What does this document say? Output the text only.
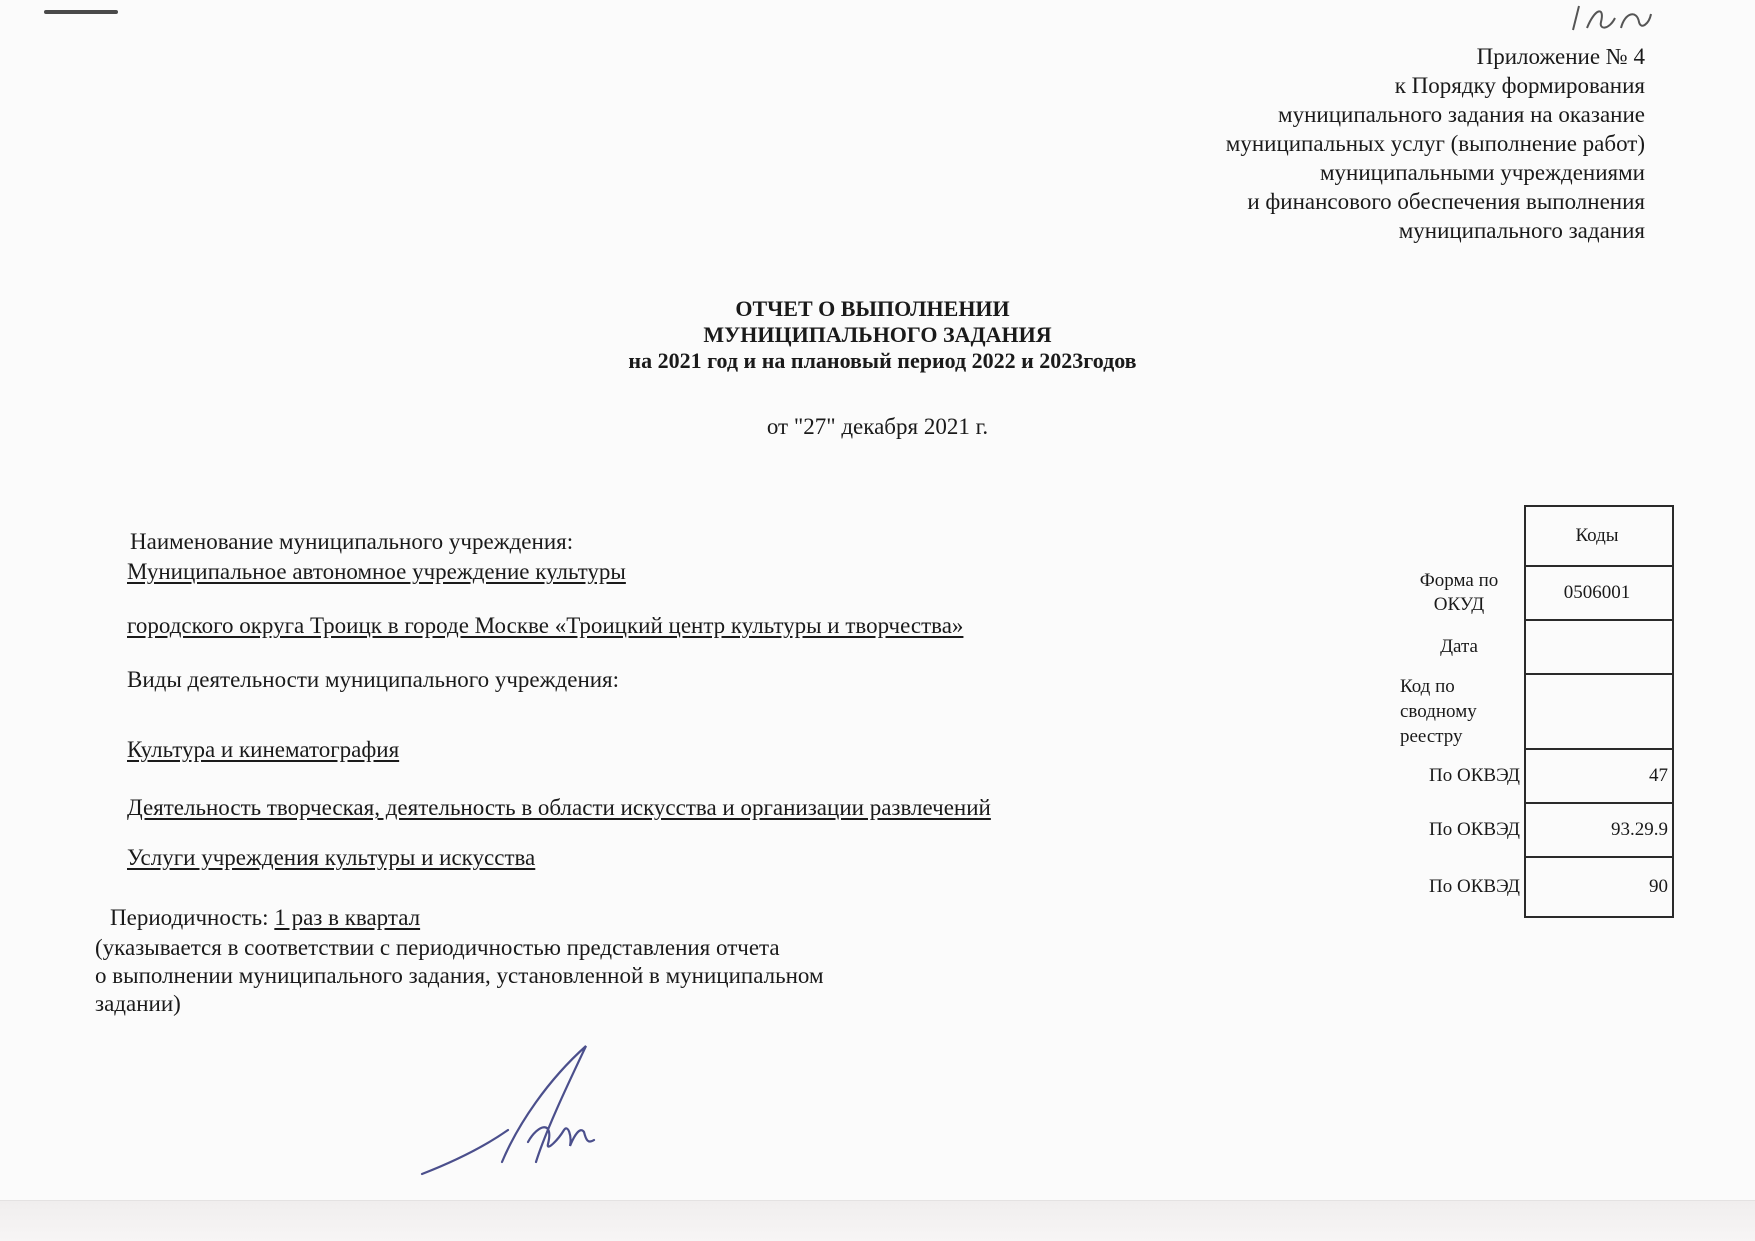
Приложение № 4
к Порядку формирования
муниципального задания на оказание
муниципальных услуг (выполнение работ)
муниципальными учреждениями
и финансового обеспечения выполнения
муниципального задания
ОТЧЕТ О ВЫПОЛНЕНИИ
МУНИЦИПАЛЬНОГО ЗАДАНИЯ
на 2021 год и на плановый период 2022 и 2023годов
от "27" декабря 2021 г.
Наименование муниципального учреждения:
Муниципальное автономное учреждение культуры
городского округа Троицк в городе Москве «Троицкий центр культуры и творчества»
Виды деятельности муниципального учреждения:
Культура и кинематография
Деятельность творческая, деятельность в области искусства и организации развлечений
Услуги учреждения культуры и искусства
Периодичность: 1 раз в квартал
(указывается в соответствии с периодичностью представления отчета
о выполнении муниципального задания, установленной в муниципальном
задании)
	Коды
Форма по ОКУД	0506001
Дата	
Код по сводному реестру	
По ОКВЭД	47
По ОКВЭД	93.29.9
По ОКВЭД	90
